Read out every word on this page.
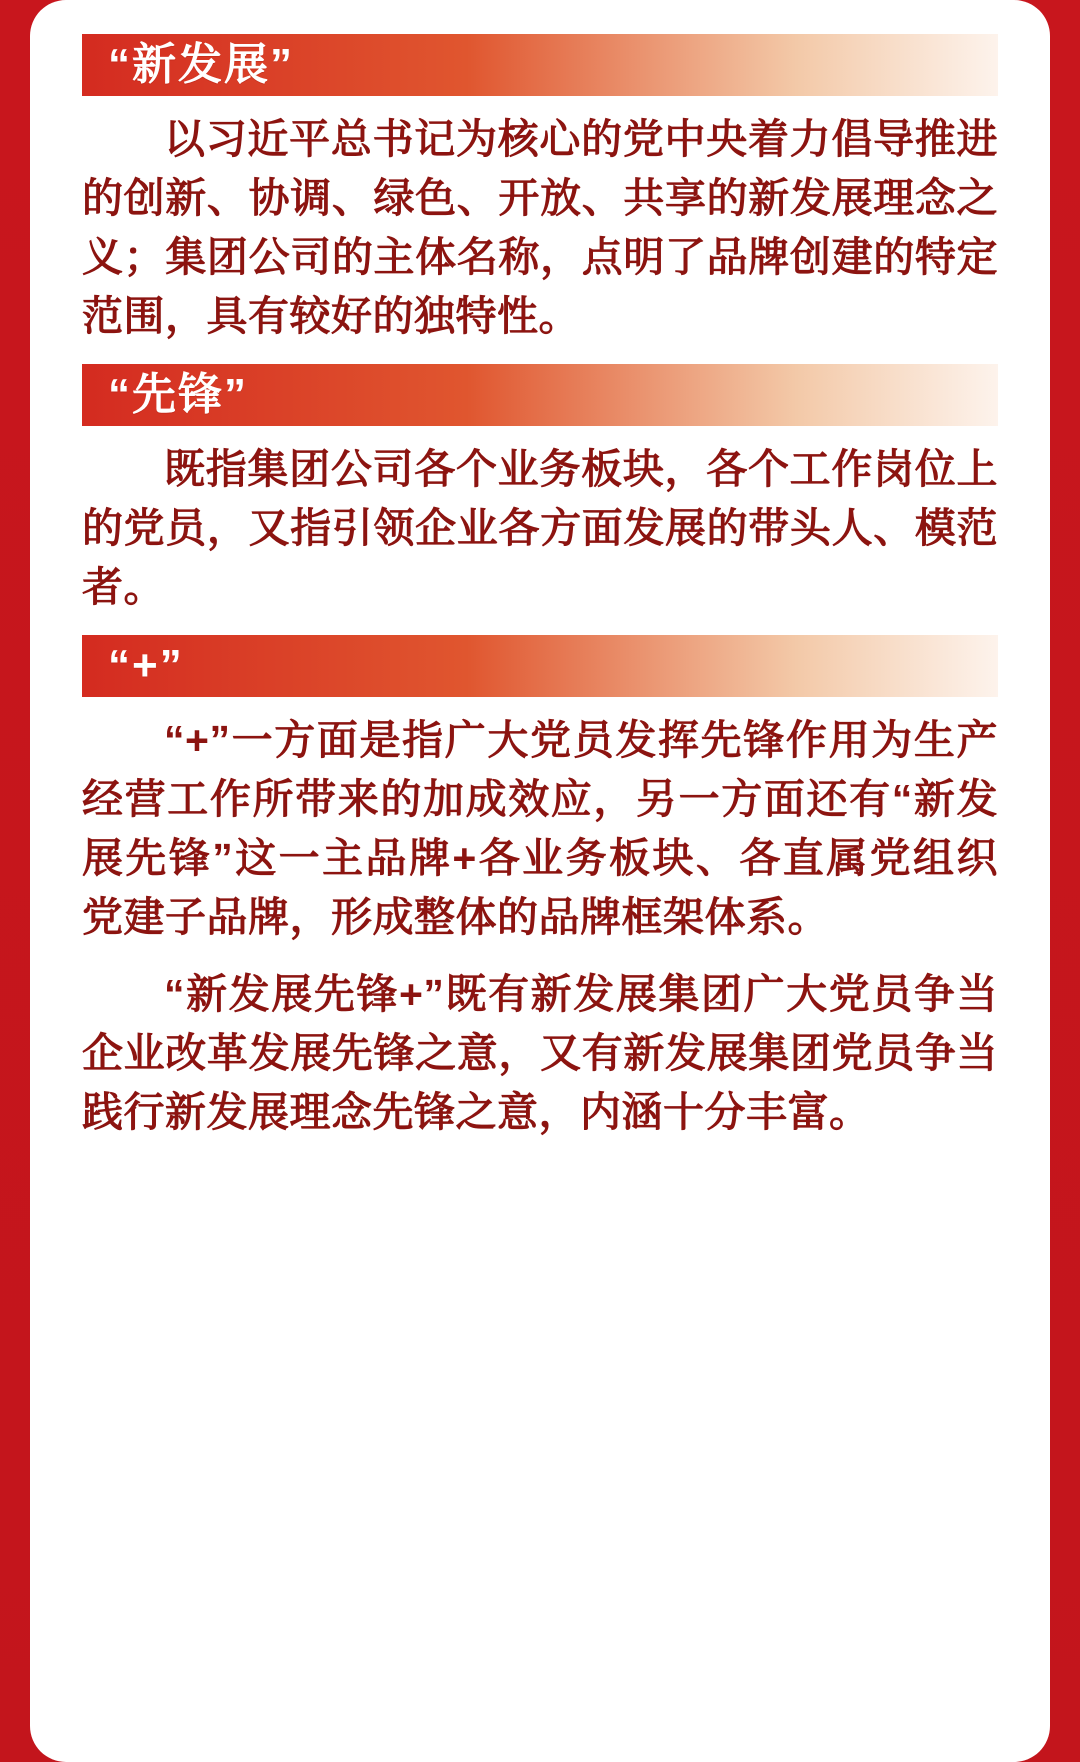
“新发展”

以习近平总书记为核心的党中央着力倡导推进的创新、协调、绿色、开放、共享的新发展理念之义；集团公司的主体名称，点明了品牌创建的特定范围，具有较好的独特性。

“先锋”

既指集团公司各个业务板块，各个工作岗位上的党员，又指引领企业各方面发展的带头人、模范者。

“+”

“+”一方面是指广大党员发挥先锋作用为生产经营工作所带来的加成效应，另一方面还有“新发展先锋”这一主品牌+各业务板块、各直属党组织党建子品牌，形成整体的品牌框架体系。

“新发展先锋+”既有新发展集团广大党员争当企业改革发展先锋之意，又有新发展集团党员争当践行新发展理念先锋之意，内涵十分丰富。
